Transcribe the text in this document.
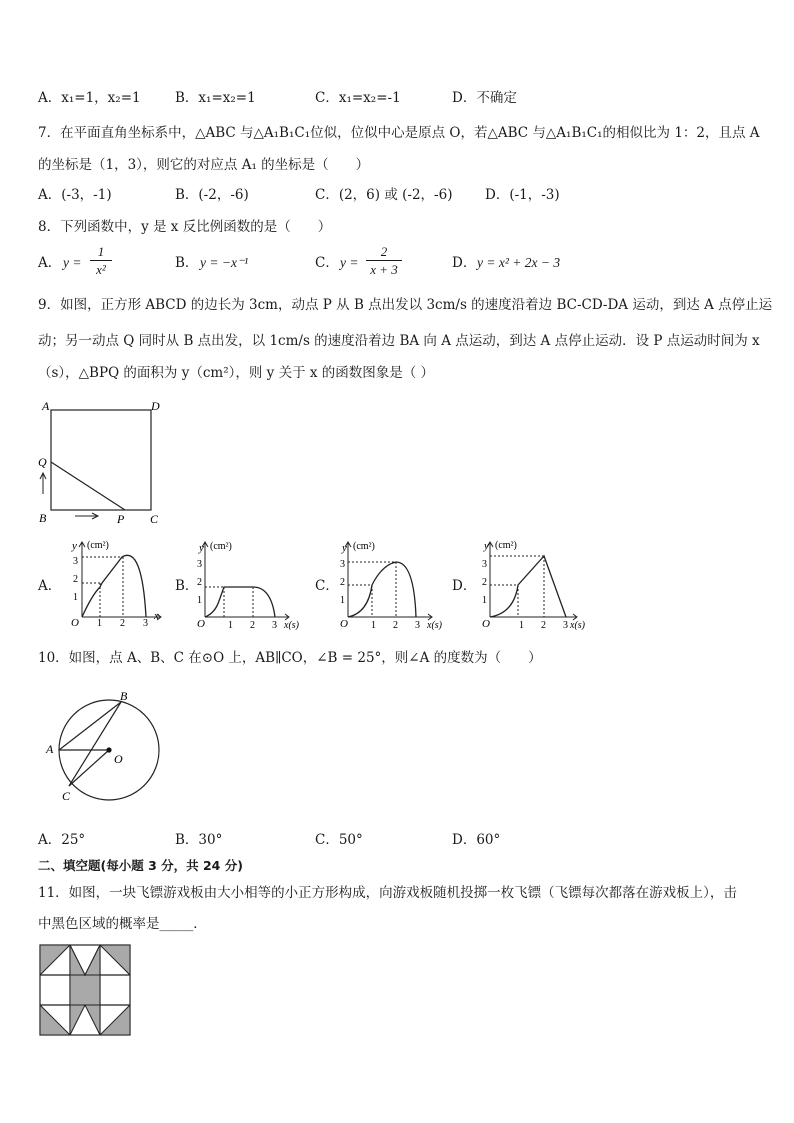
A．x₁=1，x₂=1	B．x₁=x₂=1	C．x₁=x₂=-1	D．不确定
7．在平面直角坐标系中，△ABC 与△A₁B₁C₁位似，位似中心是原点 O，若△ABC 与△A₁B₁C₁的相似比为 1：2，且点 A
的坐标是（1，3），则它的对应点 A₁ 的坐标是（　　）
A．(-3，-1)	B．(-2，-6)	C．(2，6) 或 (-2，-6) D．(-1，-3)
8．下列函数中，y 是 x 反比例函数的是（　　）
A． y =
1
x²	B． y = −x⁻¹	C． y =
2
x + 3	D． y = x² + 2x − 3
9．如图，正方形 ABCD 的边长为 3cm，动点 P 从 B 点出发以 3cm/s 的速度沿着边 BC-CD-DA 运动，到达 A 点停止运
动；另一动点 Q 同时从 B 点出发，以 1cm/s 的速度沿着边 BA 向 A 点运动，到达 A 点停止运动．设 P 点运动时间为 x
（s），△BPQ 的面积为 y（cm²），则 y 关于 x 的函数图象是（ ）
A	D
Q
B	P C
A．
y (cm²)
O
x
1 2 3
1
2
3
B．
y (cm²)
O	x(s)
1 2 3
1
2
3
C．
y (cm²)
O	x(s)
1 2 3
1
2
3
D．
y (cm²)
O	x(s)
1 2 3
1
2
3
10．如图，点 A、B、C 在⊙O 上，AB∥CO，∠B = 25°，则∠A 的度数为（　　）
A
B
C
O
A．25°	B．30°	C．50°	D．60°
二、填空题(每小题 3 分，共 24 分)
11．如图，一块飞镖游戏板由大小相等的小正方形构成，向游戏板随机投掷一枚飞镖（飞镖每次都落在游戏板上），击
中黑色区域的概率是_____．
